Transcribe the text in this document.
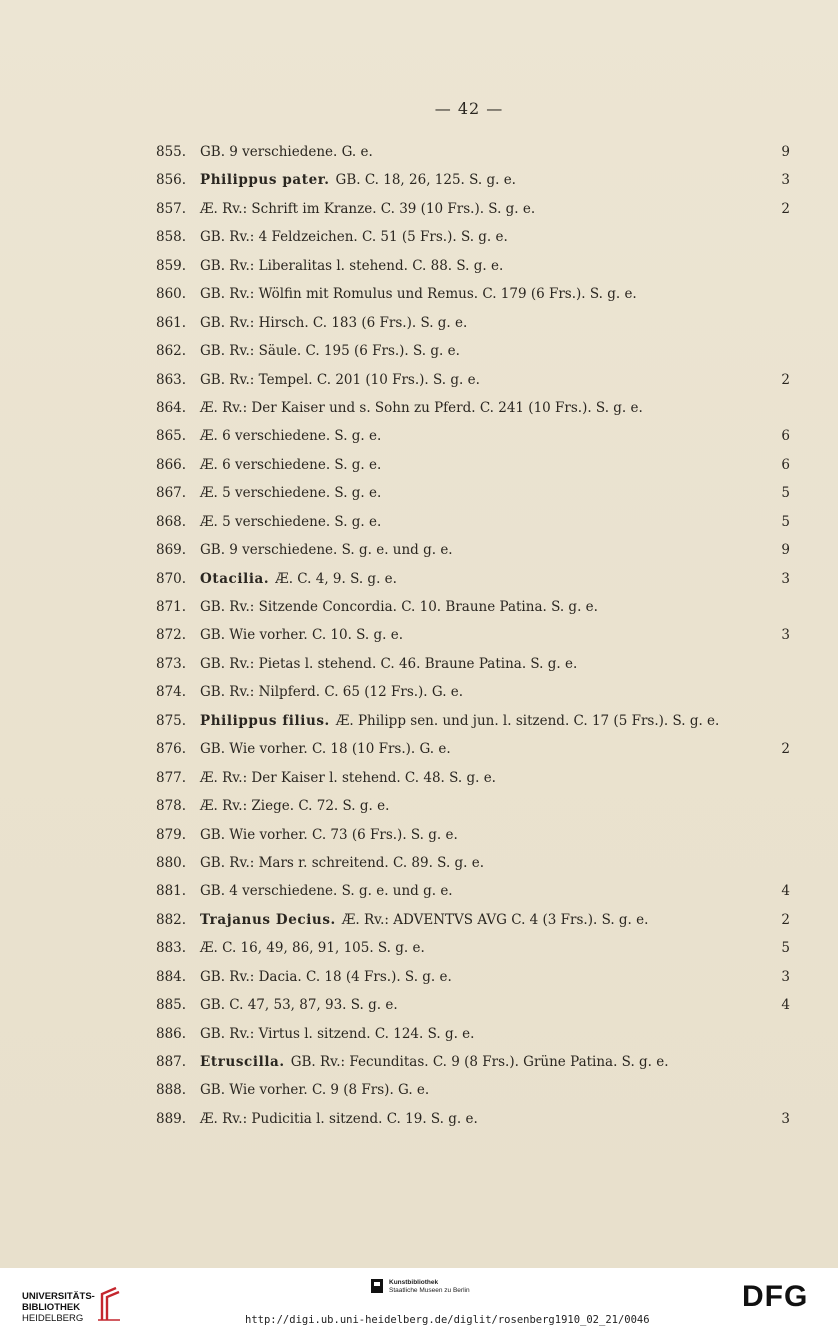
— 42 —
855.	GB. 9 verschiedene. G. e.	9
856.	Philippus pater. GB. C. 18, 26, 125. S. g. e.	3
857.	Æ. Rv.: Schrift im Kranze. C. 39 (10 Frs.). S. g. e.	2
858.	GB. Rv.: 4 Feldzeichen. C. 51 (5 Frs.). S. g. e.
859.	GB. Rv.: Liberalitas l. stehend. C. 88. S. g. e.
860.	GB. Rv.: Wölfin mit Romulus und Remus. C. 179 (6 Frs.). S. g. e.
861.	GB. Rv.: Hirsch. C. 183 (6 Frs.). S. g. e.
862.	GB. Rv.: Säule. C. 195 (6 Frs.). S. g. e.
863.	GB. Rv.: Tempel. C. 201 (10 Frs.). S. g. e.	2
864.	Æ. Rv.: Der Kaiser und s. Sohn zu Pferd. C. 241 (10 Frs.). S. g. e.
865.	Æ. 6 verschiedene. S. g. e.	6
866.	Æ. 6 verschiedene. S. g. e.	6
867.	Æ. 5 verschiedene. S. g. e.	5
868.	Æ. 5 verschiedene. S. g. e.	5
869.	GB. 9 verschiedene. S. g. e. und g. e.	9
870.	Otacilia. Æ. C. 4, 9. S. g. e.	3
871.	GB. Rv.: Sitzende Concordia. C. 10. Braune Patina. S. g. e.
872.	GB. Wie vorher. C. 10. S. g. e.	3
873.	GB. Rv.: Pietas l. stehend. C. 46. Braune Patina. S. g. e.
874.	GB. Rv.: Nilpferd. C. 65 (12 Frs.). G. e.
875.	Philippus filius. Æ. Philipp sen. und jun. l. sitzend. C. 17 (5 Frs.). S. g. e.
876.	GB. Wie vorher. C. 18 (10 Frs.). G. e.	2
877.	Æ. Rv.: Der Kaiser l. stehend. C. 48. S. g. e.
878.	Æ. Rv.: Ziege. C. 72. S. g. e.
879.	GB. Wie vorher. C. 73 (6 Frs.). S. g. e.
880.	GB. Rv.: Mars r. schreitend. C. 89. S. g. e.
881.	GB. 4 verschiedene. S. g. e. und g. e.	4
882.	Trajanus Decius. Æ. Rv.: ADVENTVS AVG C. 4 (3 Frs.). S. g. e.	2
883.	Æ. C. 16, 49, 86, 91, 105. S. g. e.	5
884.	GB. Rv.: Dacia. C. 18 (4 Frs.). S. g. e.	3
885.	GB. C. 47, 53, 87, 93. S. g. e.	4
886.	GB. Rv.: Virtus l. sitzend. C. 124. S. g. e.
887.	Etruscilla. GB. Rv.: Fecunditas. C. 9 (8 Frs.). Grüne Patina. S. g. e.
888.	GB. Wie vorher. C. 9 (8 Frs). G. e.
889.	Æ. Rv.: Pudicitia l. sitzend. C. 19. S. g. e.	3
UNIVERSITÄTS-
BIBLIOTHEK
HEIDELBERG
Kunstbibliothek
Staatliche Museen zu Berlin	DFG
http://digi.ub.uni-heidelberg.de/diglit/rosenberg1910_02_21/0046
